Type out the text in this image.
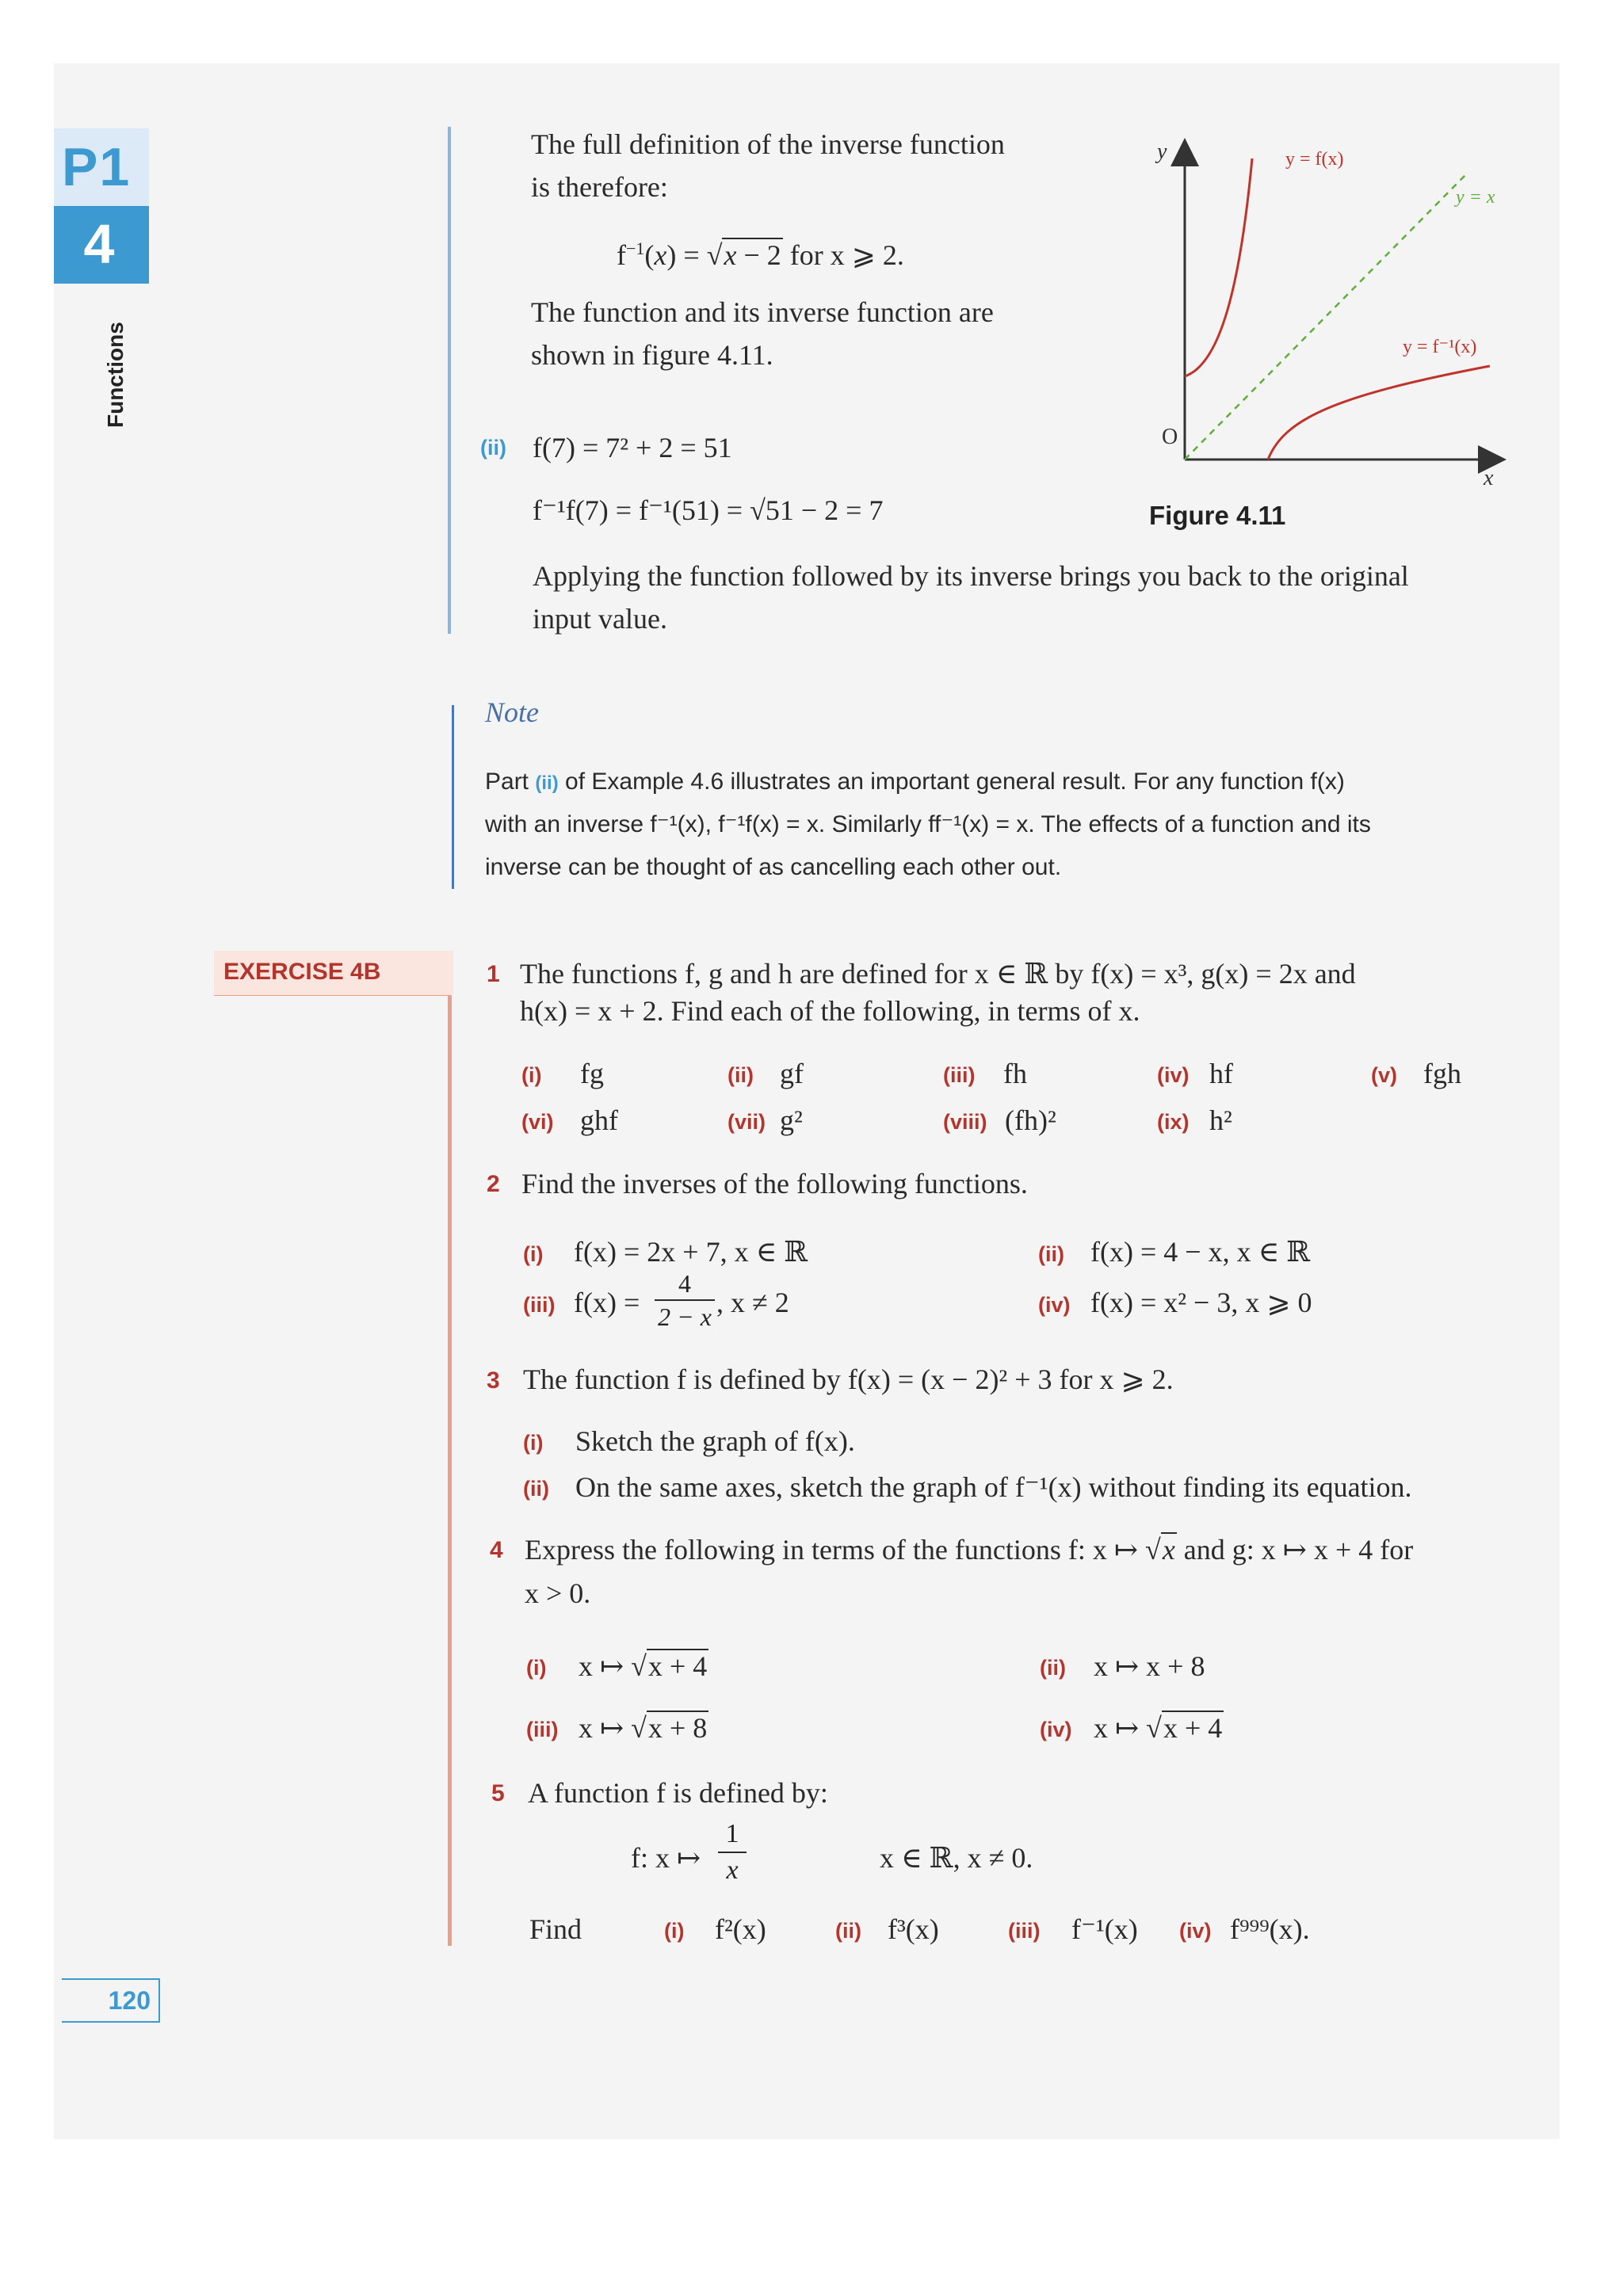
P1
4
Functions
The full definition of the inverse function
is therefore:
$f^{-1}(x) = √x - 2$ for x ⩾ 2.
The function and its inverse function are
shown in figure 4.11.
(ii) f(7) = 7² + 2 = 51
f⁻¹f(7) = f⁻¹(51) = √51 − 2 = 7
Applying the function followed by its inverse brings you back to the original
input value.
y
x
O
y = f(x)
y = x
y = f⁻¹(x)
Figure 4.11
Note
Part (ii) of Example 4.6 illustrates an important general result. For any function f(x)
with an inverse f⁻¹(x), f⁻¹f(x) = x. Similarly ff⁻¹(x) = x. The effects of a function and its
inverse can be thought of as cancelling each other out.
EXERCISE 4B	1 The functions f, g and h are defined for x ∈ ℝ by f(x) = x³, g(x) = 2x and
h(x) = x + 2. Find each of the following, in terms of x.
(i) fg	(ii) gf	(iii) fh	(iv) hf	(v) fgh
(vi) ghf	(vii) g²	(viii) (fh)²	(ix) h²
2 Find the inverses of the following functions.
(i) f(x) = 2x + 7, x ∈ ℝ	(ii) f(x) = 4 − x, x ∈ ℝ
(iii) $f(x) = \frac{4}{2 - x}$ , x ≠ 2	(iv) f(x) = x² − 3, x ⩾ 0
3 The function f is defined by f(x) = (x − 2)² + 3 for x ⩾ 2.
(i) Sketch the graph of f(x).
(ii) On the same axes, sketch the graph of f⁻¹(x) without finding its equation.
4 Express the following in terms of the functions f: x ↦ √x and g: x ↦ x + 4 for
x > 0.
(i) x ↦ √x + 4	(ii) x ↦ x + 8
(iii) x ↦ √x + 8	(iv) x ↦ √x + 4
5 A function f is defined by:
f: x ↦ $\frac{1}{x}$	x ∈ ℝ, x ≠ 0.
Find	(i) f²(x)	(ii) f³(x)	(iii) f⁻¹(x) (iv) f⁹⁹⁹(x).
120
